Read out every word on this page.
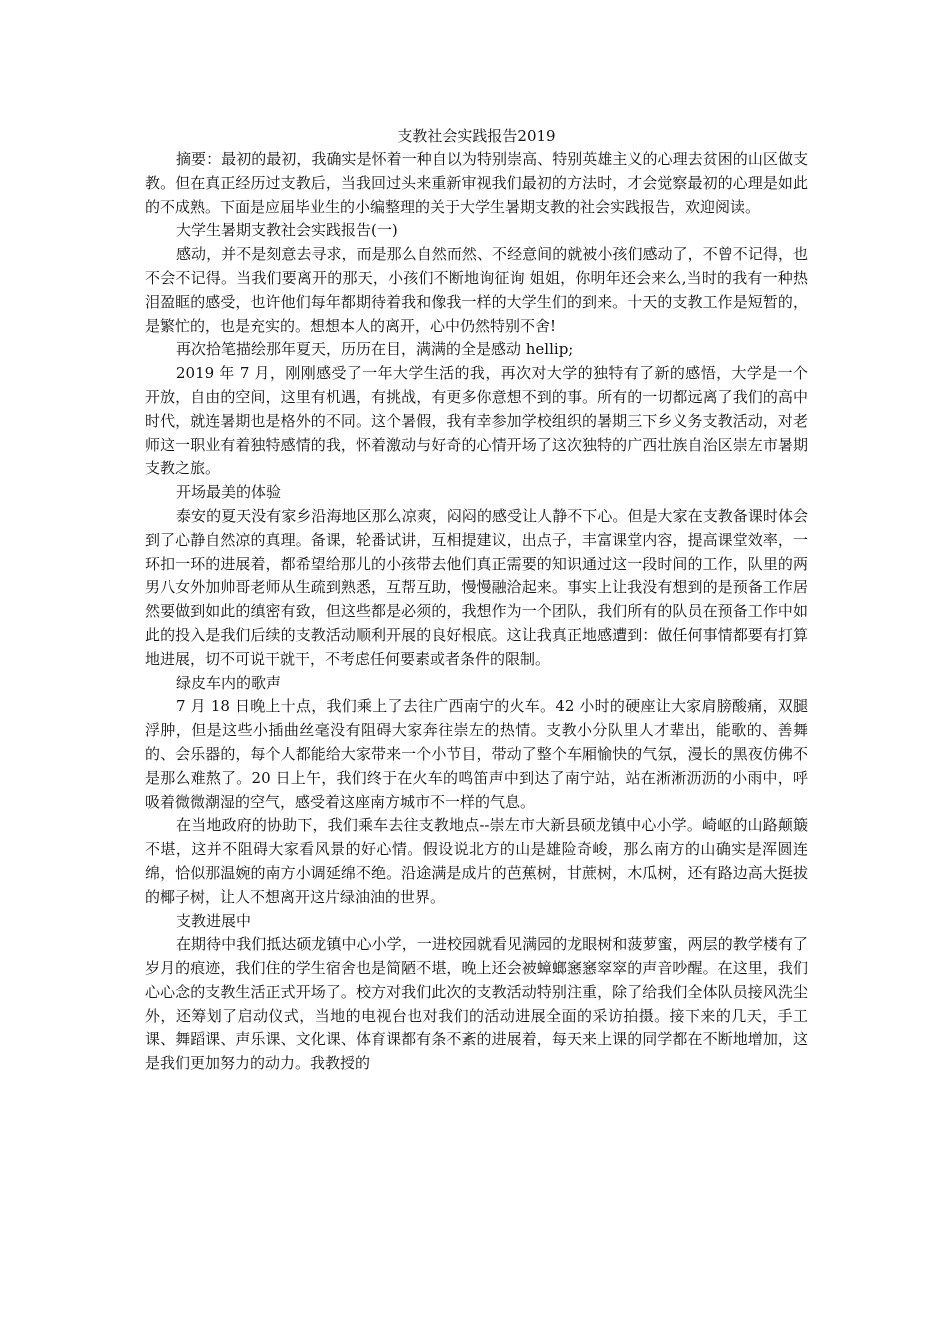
支教社会实践报告2019

摘要：最初的最初，我确实是怀着一种自以为特别崇高、特别英雄主义的心理去贫困的山区做支教。但在真正经历过支教后，当我回过头来重新审视我们最初的方法时，才会觉察最初的心理是如此的不成熟。下面是应届毕业生的小编整理的关于大学生暑期支教的社会实践报告，欢迎阅读。

大学生暑期支教社会实践报告(一)

感动，并不是刻意去寻求，而是那么自然而然、不经意间的就被小孩们感动了，不曾不记得，也不会不记得。当我们要离开的那天，小孩们不断地询征询 姐姐，你明年还会来么,当时的我有一种热泪盈眶的感受，也许他们每年都期待着我和像我一样的大学生们的到来。十天的支教工作是短暂的，是繁忙的，也是充实的。想想本人的离开，心中仍然特别不舍!

再次拾笔描绘那年夏天，历历在目，满满的全是感动 hellip;

2019 年 7 月，刚刚感受了一年大学生活的我，再次对大学的独特有了新的感悟，大学是一个开放，自由的空间，这里有机遇，有挑战，有更多你意想不到的事。所有的一切都远离了我们的高中时代，就连暑期也是格外的不同。这个暑假，我有幸参加学校组织的暑期三下乡义务支教活动，对老师这一职业有着独特感情的我，怀着激动与好奇的心情开场了这次独特的广西壮族自治区崇左市暑期支教之旅。

开场最美的体验

泰安的夏天没有家乡沿海地区那么凉爽，闷闷的感受让人静不下心。但是大家在支教备课时体会到了心静自然凉的真理。备课，轮番试讲，互相提建议，出点子，丰富课堂内容，提高课堂效率，一环扣一环的进展着，都希望给那儿的小孩带去他们真正需要的知识通过这一段时间的工作，队里的两男八女外加帅哥老师从生疏到熟悉，互帮互助，慢慢融洽起来。事实上让我没有想到的是预备工作居然要做到如此的缜密有致，但这些都是必须的，我想作为一个团队，我们所有的队员在预备工作中如此的投入是我们后续的支教活动顺利开展的良好根底。这让我真正地感遭到：做任何事情都要有打算地进展，切不可说干就干，不考虑任何要素或者条件的限制。

绿皮车内的歌声

7 月 18 日晚上十点，我们乘上了去往广西南宁的火车。42 小时的硬座让大家肩膀酸痛，双腿浮肿，但是这些小插曲丝毫没有阻碍大家奔往崇左的热情。支教小分队里人才辈出，能歌的、善舞的、会乐器的，每个人都能给大家带来一个小节目，带动了整个车厢愉快的气氛，漫长的黑夜仿佛不是那么难熬了。20 日上午，我们终于在火车的鸣笛声中到达了南宁站，站在淅淅沥沥的小雨中，呼吸着微微潮湿的空气，感受着这座南方城市不一样的气息。

在当地政府的协助下，我们乘车去往支教地点--崇左市大新县硕龙镇中心小学。崎岖的山路颠簸不堪，这并不阻碍大家看风景的好心情。假设说北方的山是雄险奇峻，那么南方的山确实是浑圆连绵，恰似那温婉的南方小调延绵不绝。沿途满是成片的芭蕉树，甘蔗树，木瓜树，还有路边高大挺拔的椰子树，让人不想离开这片绿油油的世界。

支教进展中

在期待中我们抵达硕龙镇中心小学，一进校园就看见满园的龙眼树和菠萝蜜，两层的教学楼有了岁月的痕迹，我们住的学生宿舍也是简陋不堪，晚上还会被蟑螂窸窸窣窣的声音吵醒。在这里，我们心心念的支教生活正式开场了。校方对我们此次的支教活动特别注重，除了给我们全体队员接风洗尘外，还筹划了启动仪式，当地的电视台也对我们的活动进展全面的采访拍摄。接下来的几天，手工课、舞蹈课、声乐课、文化课、体育课都有条不紊的进展着，每天来上课的同学都在不断地增加，这是我们更加努力的动力。我教授的
